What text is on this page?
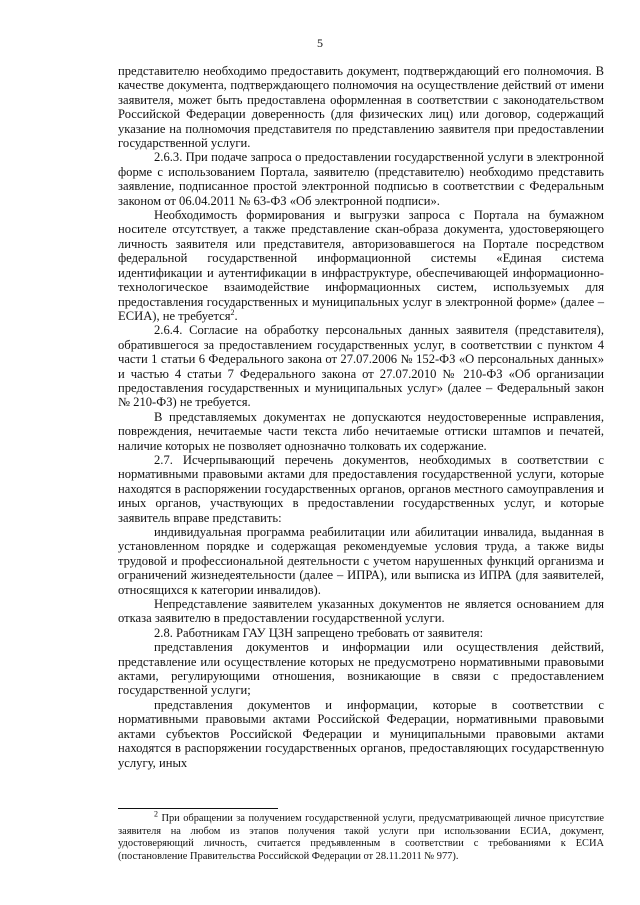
5

представителю необходимо предоставить документ, подтверждающий его полномочия. В качестве документа, подтверждающего полномочия на осуществление действий от имени заявителя, может быть предоставлена оформленная в соответствии с законодательством Российской Федерации доверенность (для физических лиц) или договор, содержащий указание на полномочия представителя по представлению заявителя при предоставлении государственной услуги.

2.6.3. При подаче запроса о предоставлении государственной услуги в электронной форме с использованием Портала, заявителю (представителю) необходимо представить заявление, подписанное простой электронной подписью в соответствии с Федеральным законом от 06.04.2011 № 63-ФЗ «Об электронной подписи».

Необходимость формирования и выгрузки запроса с Портала на бумажном носителе отсутствует, а также представление скан-образа документа, удостоверяющего личность заявителя или представителя, авторизовавшегося на Портале посредством федеральной государственной информационной системы «Единая система идентификации и аутентификации в инфраструктуре, обеспечивающей информационно-технологическое взаимодействие информационных систем, используемых для предоставления государственных и муниципальных услуг в электронной форме» (далее – ЕСИА), не требуется$^2$.

2.6.4. Согласие на обработку персональных данных заявителя (представителя), обратившегося за предоставлением государственных услуг, в соответствии с пунктом 4 части 1 статьи 6 Федерального закона от 27.07.2006 № 152-ФЗ «О персональных данных» и частью 4 статьи 7 Федерального закона от 27.07.2010 № 210-ФЗ «Об организации предоставления государственных и муниципальных услуг» (далее – Федеральный закон № 210-ФЗ) не требуется.

В представляемых документах не допускаются неудостоверенные исправления, повреждения, нечитаемые части текста либо нечитаемые оттиски штампов и печатей, наличие которых не позволяет однозначно толковать их содержание.

2.7. Исчерпывающий перечень документов, необходимых в соответствии с нормативными правовыми актами для предоставления государственной услуги, которые находятся в распоряжении государственных органов, органов местного самоуправления и иных органов, участвующих в предоставлении государственных услуг, и которые заявитель вправе представить:

индивидуальная программа реабилитации или абилитации инвалида, выданная в установленном порядке и содержащая рекомендуемые условия труда, а также виды трудовой и профессиональной деятельности с учетом нарушенных функций организма и ограничений жизнедеятельности (далее – ИПРА), или выписка из ИПРА (для заявителей, относящихся к категории инвалидов).

Непредставление заявителем указанных документов не является основанием для отказа заявителю в предоставлении государственной услуги.

2.8. Работникам ГАУ ЦЗН запрещено требовать от заявителя:

представления документов и информации или осуществления действий, представление или осуществление которых не предусмотрено нормативными правовыми актами, регулирующими отношения, возникающие в связи с предоставлением государственной услуги;

представления документов и информации, которые в соответствии с нормативными правовыми актами Российской Федерации, нормативными правовыми актами субъектов Российской Федерации и муниципальными правовыми актами находятся в распоряжении государственных органов, предоставляющих государственную услугу, иных

$^2$ При обращении за получением государственной услуги, предусматривающей личное присутствие заявителя на любом из этапов получения такой услуги при использовании ЕСИА, документ, удостоверяющий личность, считается предъявленным в соответствии с требованиями к ЕСИА (постановление Правительства Российской Федерации от 28.11.2011 № 977).
